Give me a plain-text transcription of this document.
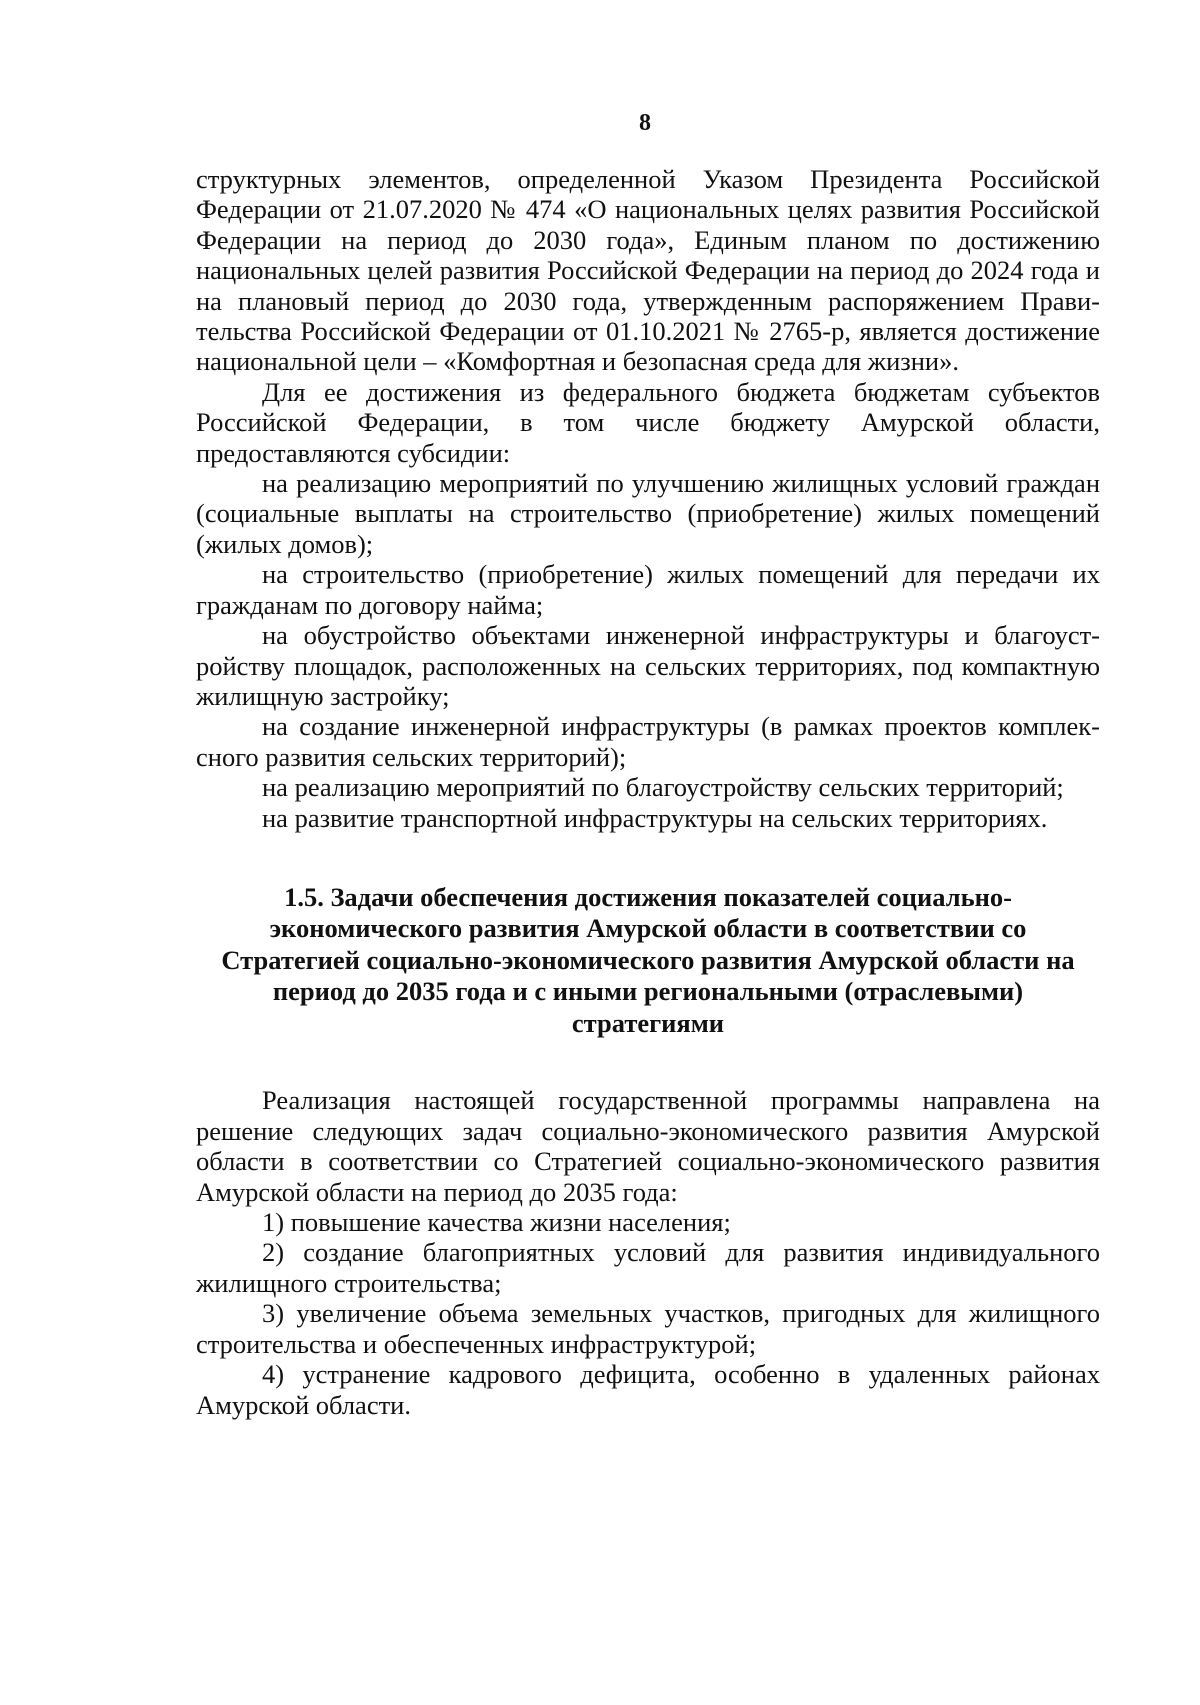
8

структурных элементов, определенной Указом Президента Российской Федерации от 21.07.2020 № 474 «О национальных целях развития Российской Федерации на период до 2030 года», Единым планом по достижению национальных целей развития Российской Федерации на период до 2024 года и на плановый период до 2030 года, утвержденным распоряжением Правительства Российской Федерации от 01.10.2021 № 2765-р, является достижение национальной цели – «Комфортная и безопасная среда для жизни».

Для ее достижения из федерального бюджета бюджетам субъектов Российской Федерации, в том числе бюджету Амурской области, предоставляются субсидии:

на реализацию мероприятий по улучшению жилищных условий граждан (социальные выплаты на строительство (приобретение) жилых помещений (жилых домов);

на строительство (приобретение) жилых помещений для передачи их гражданам по договору найма;

на обустройство объектами инженерной инфраструктуры и благоустройству площадок, расположенных на сельских территориях, под компактную жилищную застройку;

на создание инженерной инфраструктуры (в рамках проектов комплексного развития сельских территорий);

на реализацию мероприятий по благоустройству сельских территорий;

на развитие транспортной инфраструктуры на сельских территориях.

1.5. Задачи обеспечения достижения показателей социально-
экономического развития Амурской области в соответствии со
Стратегией социально-экономического развития Амурской области на
период до 2035 года и с иными региональными (отраслевыми)
стратегиями

Реализация настоящей государственной программы направлена на решение следующих задач социально-экономического развития Амурской области в соответствии со Стратегией социально-экономического развития Амурской области на период до 2035 года:

1) повышение качества жизни населения;

2) создание благоприятных условий для развития индивидуального жилищного строительства;

3) увеличение объема земельных участков, пригодных для жилищного строительства и обеспеченных инфраструктурой;

4) устранение кадрового дефицита, особенно в удаленных районах Амурской области.
